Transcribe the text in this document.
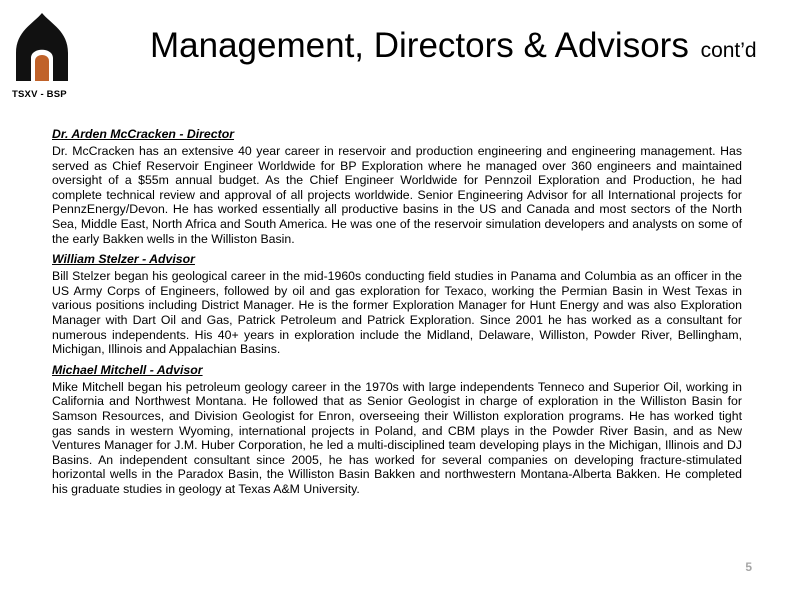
TSXV - BSP
Management, Directors & Advisors cont’d

Dr. Arden McCracken - Director

Dr. McCracken has an extensive 40 year career in reservoir and production engineering and engineering management. Has served as Chief Reservoir Engineer Worldwide for BP Exploration where he managed over 360 engineers and maintained oversight of a $55m annual budget. As the Chief Engineer Worldwide for Pennzoil Exploration and Production, he had complete technical review and approval of all projects worldwide. Senior Engineering Advisor for all International projects for PennzEnergy/Devon. He has worked essentially all productive basins in the US and Canada and most sectors of the North Sea, Middle East, North Africa and South America. He was one of the reservoir simulation developers and analysts on some of the early Bakken wells in the Williston Basin.

William Stelzer - Advisor

Bill Stelzer began his geological career in the mid-1960s conducting field studies in Panama and Columbia as an officer in the US Army Corps of Engineers, followed by oil and gas exploration for Texaco, working the Permian Basin in West Texas in various positions including District Manager. He is the former Exploration Manager for Hunt Energy and was also Exploration Manager with Dart Oil and Gas, Patrick Petroleum and Patrick Exploration. Since 2001 he has worked as a consultant for numerous independents. His 40+ years in exploration include the Midland, Delaware, Williston, Powder River, Bellingham, Michigan, Illinois and Appalachian Basins.

Michael Mitchell - Advisor

Mike Mitchell began his petroleum geology career in the 1970s with large independents Tenneco and Superior Oil, working in California and Northwest Montana. He followed that as Senior Geologist in charge of exploration in the Williston Basin for Samson Resources, and Division Geologist for Enron, overseeing their Williston exploration programs. He has worked tight gas sands in western Wyoming, international projects in Poland, and CBM plays in the Powder River Basin, and as New Ventures Manager for J.M. Huber Corporation, he led a multi-disciplined team developing plays in the Michigan, Illinois and DJ Basins. An independent consultant since 2005, he has worked for several companies on developing fracture-stimulated horizontal wells in the Paradox Basin, the Williston Basin Bakken and northwestern Montana-Alberta Bakken. He completed his graduate studies in geology at Texas A&M University.

5
